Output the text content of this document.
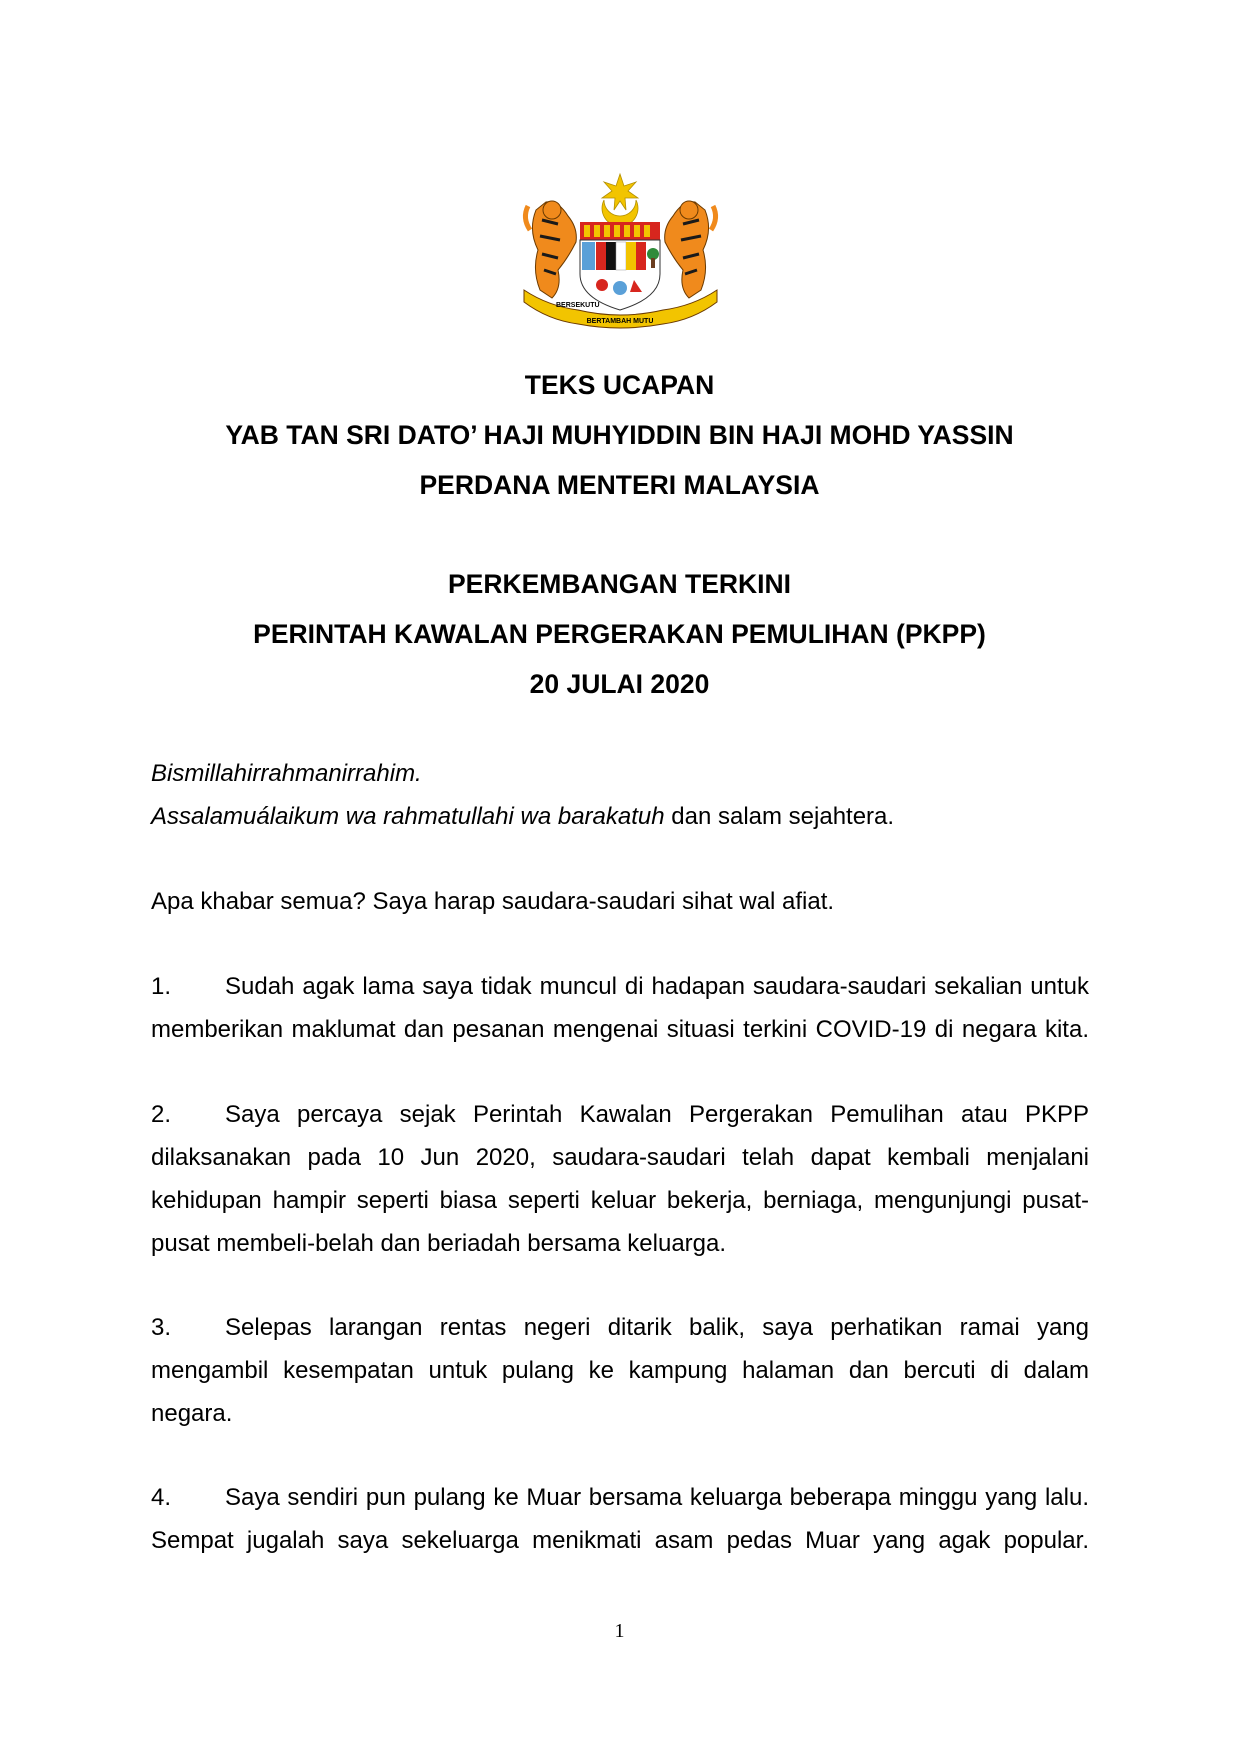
BERSEKUTU
BERTAMBAH MUTU
TEKS UCAPAN
YAB TAN SRI DATO’ HAJI MUHYIDDIN BIN HAJI MOHD YASSIN
PERDANA MENTERI MALAYSIA
PERKEMBANGAN TERKINI
PERINTAH KAWALAN PERGERAKAN PEMULIHAN (PKPP)
20 JULAI 2020
Bismillahirrahmanirrahim.
Assalamuálaikum wa rahmatullahi wa barakatuh dan salam sejahtera.
Apa khabar semua? Saya harap saudara-saudari sihat wal afiat.
1. Sudah agak lama saya tidak muncul di hadapan saudara-saudari sekalian untuk
memberikan maklumat dan pesanan mengenai situasi terkini COVID-19 di negara kita.
2. Saya percaya sejak Perintah Kawalan Pergerakan Pemulihan atau PKPP
dilaksanakan pada 10 Jun 2020, saudara-saudari telah dapat kembali menjalani
kehidupan hampir seperti biasa seperti keluar bekerja, berniaga, mengunjungi pusat-
pusat membeli-belah dan beriadah bersama keluarga.
3. Selepas larangan rentas negeri ditarik balik, saya perhatikan ramai yang
mengambil kesempatan untuk pulang ke kampung halaman dan bercuti di dalam
negara.
4. Saya sendiri pun pulang ke Muar bersama keluarga beberapa minggu yang lalu.
Sempat jugalah saya sekeluarga menikmati asam pedas Muar yang agak popular.
1
